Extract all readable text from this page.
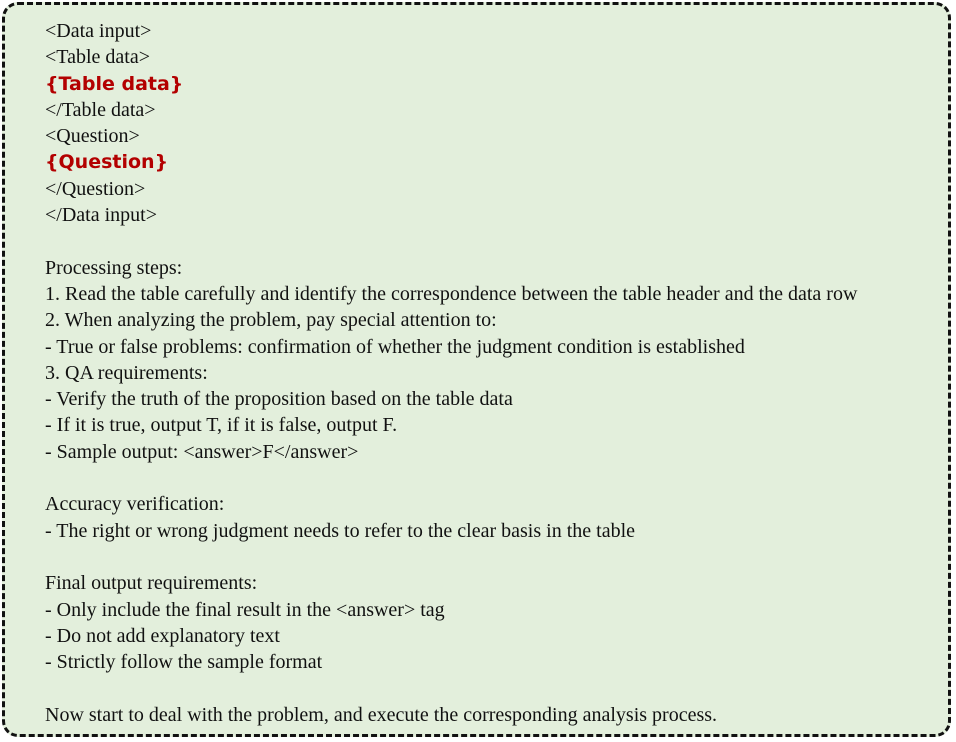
<Data input>
<Table data>
{Table data}
</Table data>
<Question>
{Question}
</Question>
</Data input>
Processing steps:
1. Read the table carefully and identify the correspondence between the table header and the data row
2. When analyzing the problem, pay special attention to:
- True or false problems: confirmation of whether the judgment condition is established
3. QA requirements:
- Verify the truth of the proposition based on the table data
- If it is true, output T, if it is false, output F.
- Sample output: <answer>F</answer>
Accuracy verification:
- The right or wrong judgment needs to refer to the clear basis in the table
Final output requirements:
- Only include the final result in the <answer> tag
- Do not add explanatory text
- Strictly follow the sample format
Now start to deal with the problem, and execute the corresponding analysis process.
